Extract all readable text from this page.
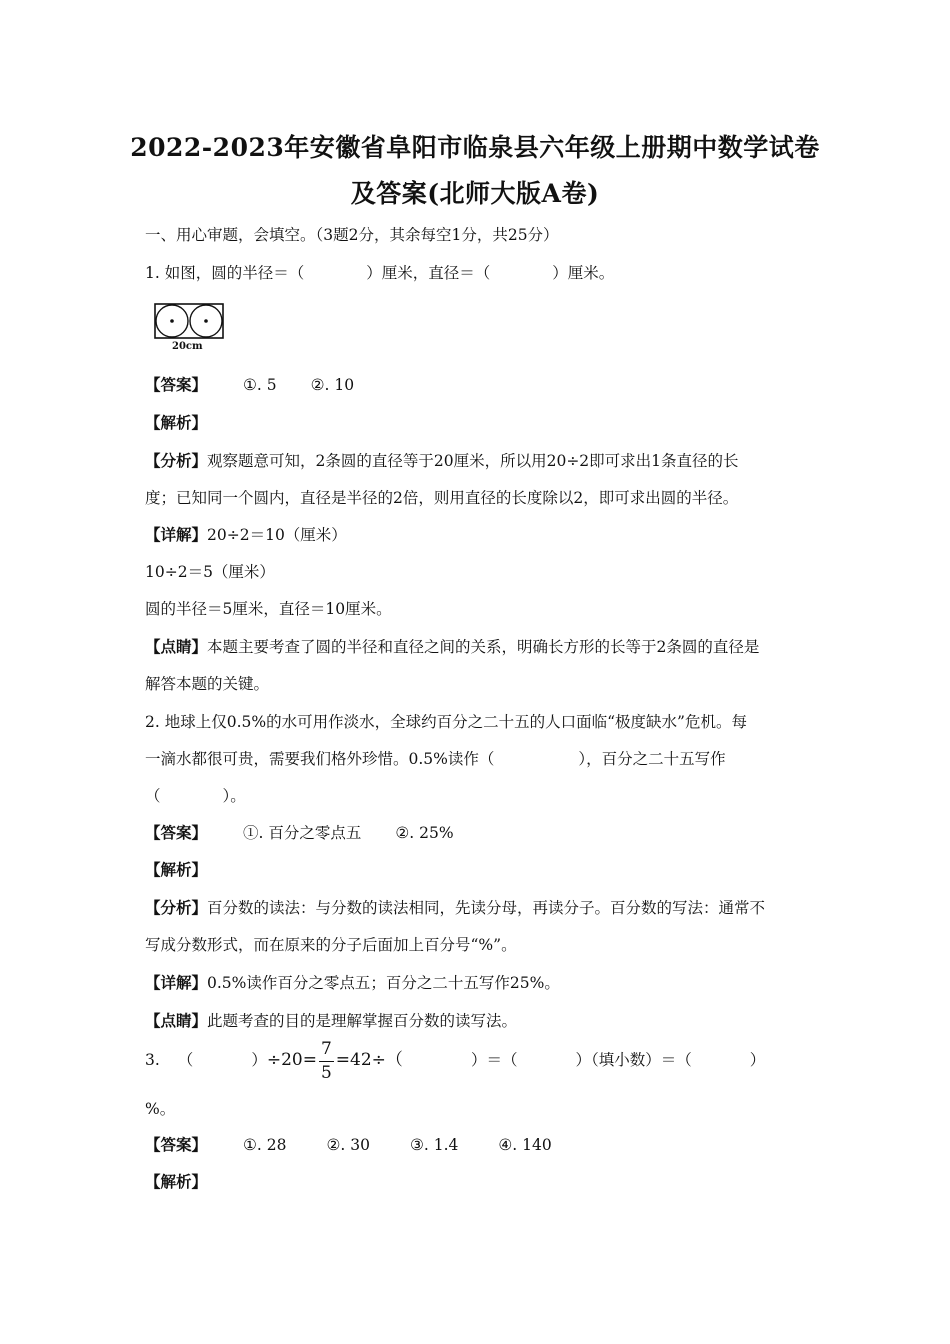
2022-2023年安徽省阜阳市临泉县六年级上册期中数学试卷
及答案(北师大版A卷)
一、用心审题，会填空。（3题2分，其余每空1分，共25分）
1. 如图，圆的半径＝（	）厘米，直径＝（	）厘米。
20cm
【答案】 ①. 5 ②. 10
【解析】
【分析】观察题意可知，2条圆的直径等于20厘米，所以用20÷2即可求出1条直径的长
度；已知同一个圆内，直径是半径的2倍，则用直径的长度除以2，即可求出圆的半径。
【详解】20÷2＝10（厘米）
10÷2＝5（厘米）
圆的半径＝5厘米，直径＝10厘米。
【点睛】本题主要考查了圆的半径和直径之间的关系，明确长方形的长等于2条圆的直径是
解答本题的关键。
2. 地球上仅0.5%的水可用作淡水，全球约百分之二十五的人口面临“极度缺水”危机。每
一滴水都很可贵，需要我们格外珍惜。0.5%读作（	），百分之二十五写作
（	）。
【答案】 ①. 百分之零点五 ②. 25%
【解析】
【分析】百分数的读法：与分数的读法相同，先读分母，再读分子。百分数的写法：通常不
写成分数形式，而在原来的分子后面加上百分号“%”。
【详解】0.5%读作百分之零点五；百分之二十五写作25%。
【点睛】此题考查的目的是理解掌握百分数的读写法。
3. （	）$\div 20= \frac{7}{5} =42\div$（	）＝（	）（填小数）＝（	）
%。
【答案】 ①. 28	②. 30	③. 1.4	④. 140
【解析】
